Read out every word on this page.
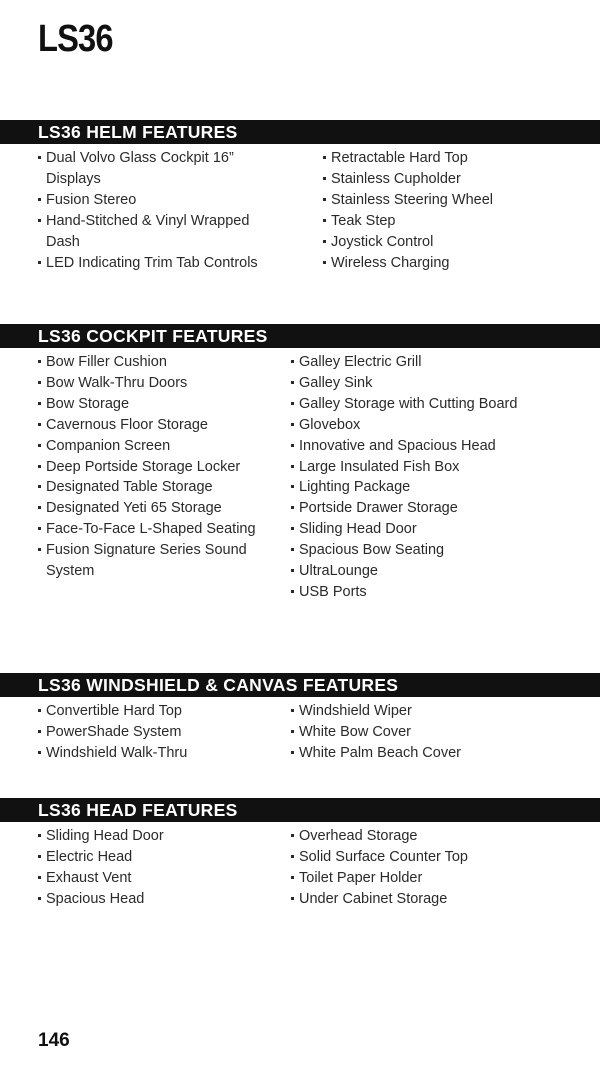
LS36
LS36 HELM FEATURES
Dual Volvo Glass Cockpit 16” Displays
Fusion Stereo
Hand-Stitched & Vinyl Wrapped Dash
LED Indicating Trim Tab Controls
Retractable Hard Top
Stainless Cupholder
Stainless Steering Wheel
Teak Step
Joystick Control
Wireless Charging
LS36 COCKPIT FEATURES
Bow Filler Cushion
Bow Walk-Thru Doors
Bow Storage
Cavernous Floor Storage
Companion Screen
Deep Portside Storage Locker
Designated Table Storage
Designated Yeti 65 Storage
Face-To-Face L-Shaped Seating
Fusion Signature Series Sound System
Galley Electric Grill
Galley Sink
Galley Storage with Cutting Board
Glovebox
Innovative and Spacious Head
Large Insulated Fish Box
Lighting Package
Portside Drawer Storage
Sliding Head Door
Spacious Bow Seating
UltraLounge
USB Ports
LS36 WINDSHIELD & CANVAS FEATURES
Convertible Hard Top
PowerShade System
Windshield Walk-Thru
Windshield Wiper
White Bow Cover
White Palm Beach Cover
LS36 HEAD FEATURES
Sliding Head Door
Electric Head
Exhaust Vent
Spacious Head
Overhead Storage
Solid Surface Counter Top
Toilet Paper Holder
Under Cabinet Storage
146
